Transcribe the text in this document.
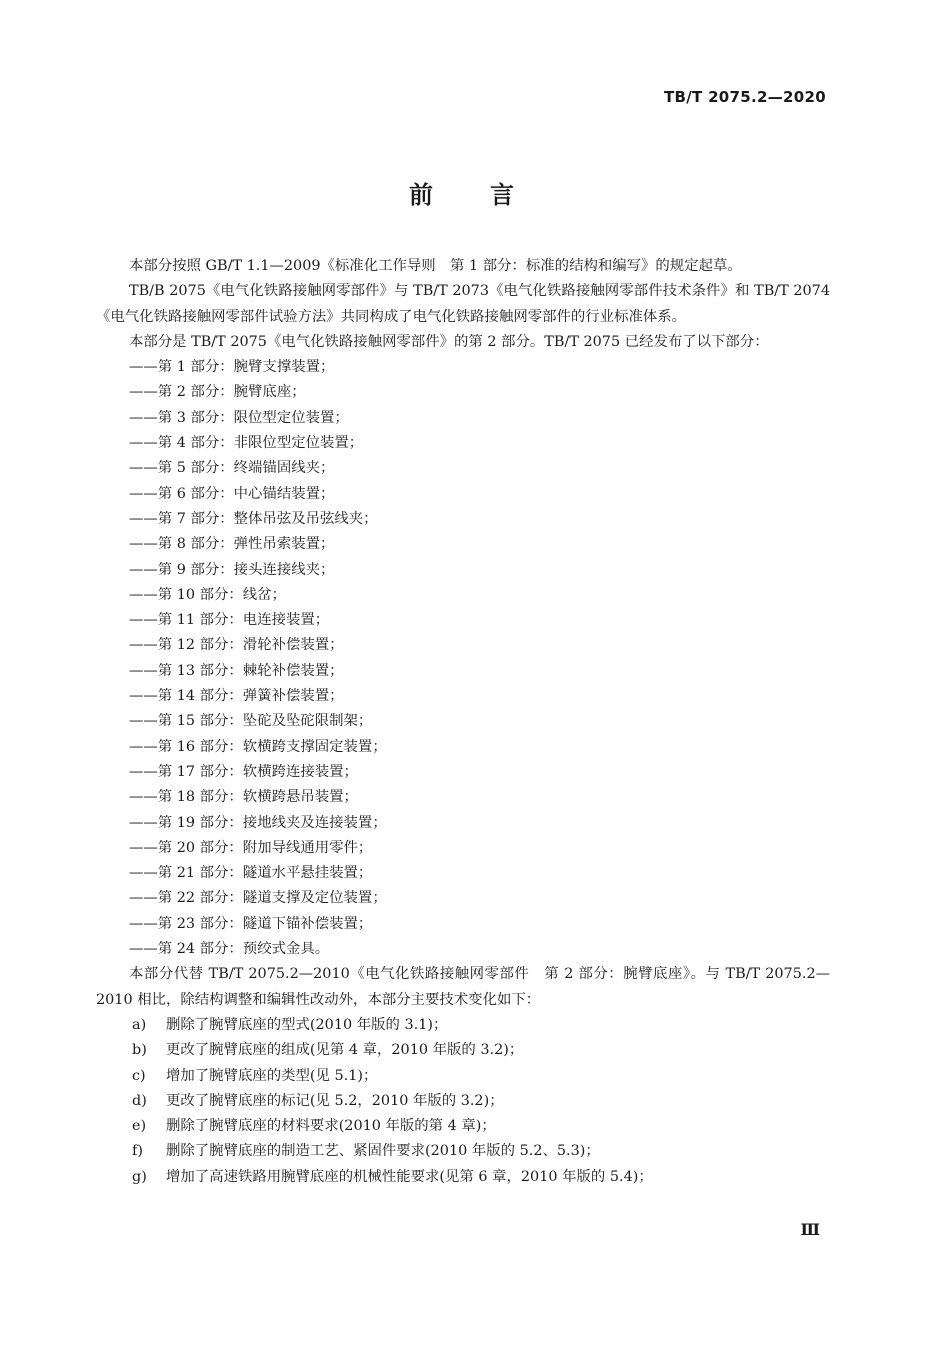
TB/T 2075.2—2020
前 言

本部分按照 GB/T 1.1—2009《标准化工作导则　第 1 部分：标准的结构和编写》的规定起草。

TB/B 2075《电气化铁路接触网零部件》与 TB/T 2073《电气化铁路接触网零部件技术条件》和 TB/T 2074《电气化铁路接触网零部件试验方法》共同构成了电气化铁路接触网零部件的行业标准体系。

本部分是 TB/T 2075《电气化铁路接触网零部件》的第 2 部分。TB/T 2075 已经发布了以下部分：

——第 1 部分：腕臂支撑装置；

——第 2 部分：腕臂底座；

——第 3 部分：限位型定位装置；

——第 4 部分：非限位型定位装置；

——第 5 部分：终端锚固线夹；

——第 6 部分：中心锚结装置；

——第 7 部分：整体吊弦及吊弦线夹；

——第 8 部分：弹性吊索装置；

——第 9 部分：接头连接线夹；

——第 10 部分：线岔；

——第 11 部分：电连接装置；

——第 12 部分：滑轮补偿装置；

——第 13 部分：棘轮补偿装置；

——第 14 部分：弹簧补偿装置；

——第 15 部分：坠砣及坠砣限制架；

——第 16 部分：软横跨支撑固定装置；

——第 17 部分：软横跨连接装置；

——第 18 部分：软横跨悬吊装置；

——第 19 部分：接地线夹及连接装置；

——第 20 部分：附加导线通用零件；

——第 21 部分：隧道水平悬挂装置；

——第 22 部分：隧道支撑及定位装置；

——第 23 部分：隧道下锚补偿装置；

——第 24 部分：预绞式金具。

本部分代替 TB/T 2075.2—2010《电气化铁路接触网零部件　第 2 部分：腕臂底座》。与 TB/T 2075.2—2010 相比，除结构调整和编辑性改动外，本部分主要技术变化如下：

a) 删除了腕臂底座的型式(2010 年版的 3.1)；

b) 更改了腕臂底座的组成(见第 4 章，2010 年版的 3.2)；

c) 增加了腕臂底座的类型(见 5.1)；

d) 更改了腕臂底座的标记(见 5.2，2010 年版的 3.2)；

e) 删除了腕臂底座的材料要求(2010 年版的第 4 章)；

f) 删除了腕臂底座的制造工艺、紧固件要求(2010 年版的 5.2、5.3)；

g) 增加了高速铁路用腕臂底座的机械性能要求(见第 6 章，2010 年版的 5.4)；

Ⅲ
